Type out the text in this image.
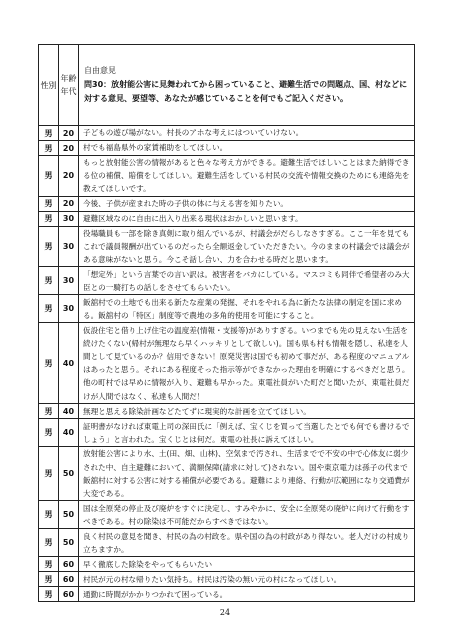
性別	年齢年代	自由意見
問30：放射能公害に見舞われてから困っていること、避難生活での問題点、国、村などに対する意見、要望等、あなたが感じていることを何でもご記入ください。

男	20	子どもの遊び場がない。村長のアホな考えにはついていけない。
男	20	村でも福島県外の家賃補助をしてほしい。
男	20	もっと放射能公害の情報があると色々な考え方ができる。避難生活でほしいことはまた納得できる位の補償、賠償をしてほしい。避難生活をしている村民の交流や情報交換のためにも連絡先を教えてほしいです。
男	20	今後、子供が産まれた時の子供の体に与える害を知りたい。
男	30	避難区域なのに自由に出入り出来る現状はおかしいと思います。
男	30	役場職員も一部を除き真剣に取り組んでいるが、村議会がだらしなさすぎる。ここ一年を見てもこれで議員報酬が出ているのだったら全額返金していただきたい。今のままの村議会では議会がある意味がないと思う。今こそ話し合い、力を合わせる時だと思います。
男	30	「想定外」という言葉での言い訳は。被害者をバカにしている。マスコミも同伴で希望者のみ大臣との一騎打ちの話しをさせてもらいたい。
男	30	飯舘村での土地でも出来る新たな産業の発掘、それをやれる為に新たな法律の制定を国に求める。飯舘村の「特区」制度等で農地の多角的使用を可能にすること。
男	40	仮設住宅と借り上げ住宅の温度差(情報・支援等)がありすぎる。いつまでも先の見えない生活を続けたくない(帰村が無理なら早くハッキリとして欲しい)。国も県も村も情報を隠し、私達を人間として見ているのか？信用できない！原発災害は国でも初めて事だが、ある程度のマニュアルはあったと思う。それにある程度そった指示等ができなかった理由を明確にするべきだと思う。他の町村では早めに情報が入り、避難も早かった。東電社員がいた町だと聞いたが、東電社員だけが人間ではなく、私達も人間だ！
男	40	無理と思える除染計画などたてずに現実的な計画を立ててほしい。
男	40	証明書がなければ東電上司の深田氏に「例えば、宝くじを買って当選したとでも何でも書けるでしょう」と言われた。宝くじとは何だ。東電の社長に訴えてほしい。
男	50	放射能公害により水、土(田、畑、山林)、空気まで汚され、生活までで不安の中で心体友に弱少された中、自主避難において、満額保障(請求に対して)されない。国や東京電力は孫子の代まで飯舘村に対する公害に対する補償が必要である。避難により連絡、行動が広範囲になり交通費が大変である。
男	50	国は全原発の停止及び廃炉をすぐに決定し、すみやかに、安全に全原発の廃炉に向けて行動をすべきである。村の除染は不可能だからすべきではない。
男	50	良く村民の意見を聞き、村民の為の村政を。県や国の為の村政があり得ない。老人だけの村成り立ちますか。
男	60	早く徹底した除染をやってもらいたい
男	60	村民が元の村な帰りたい気持ち。村民は汚染の無い元の村になってほしい。
男	60	通勤に時間がかかりつかれて困っている。
24
